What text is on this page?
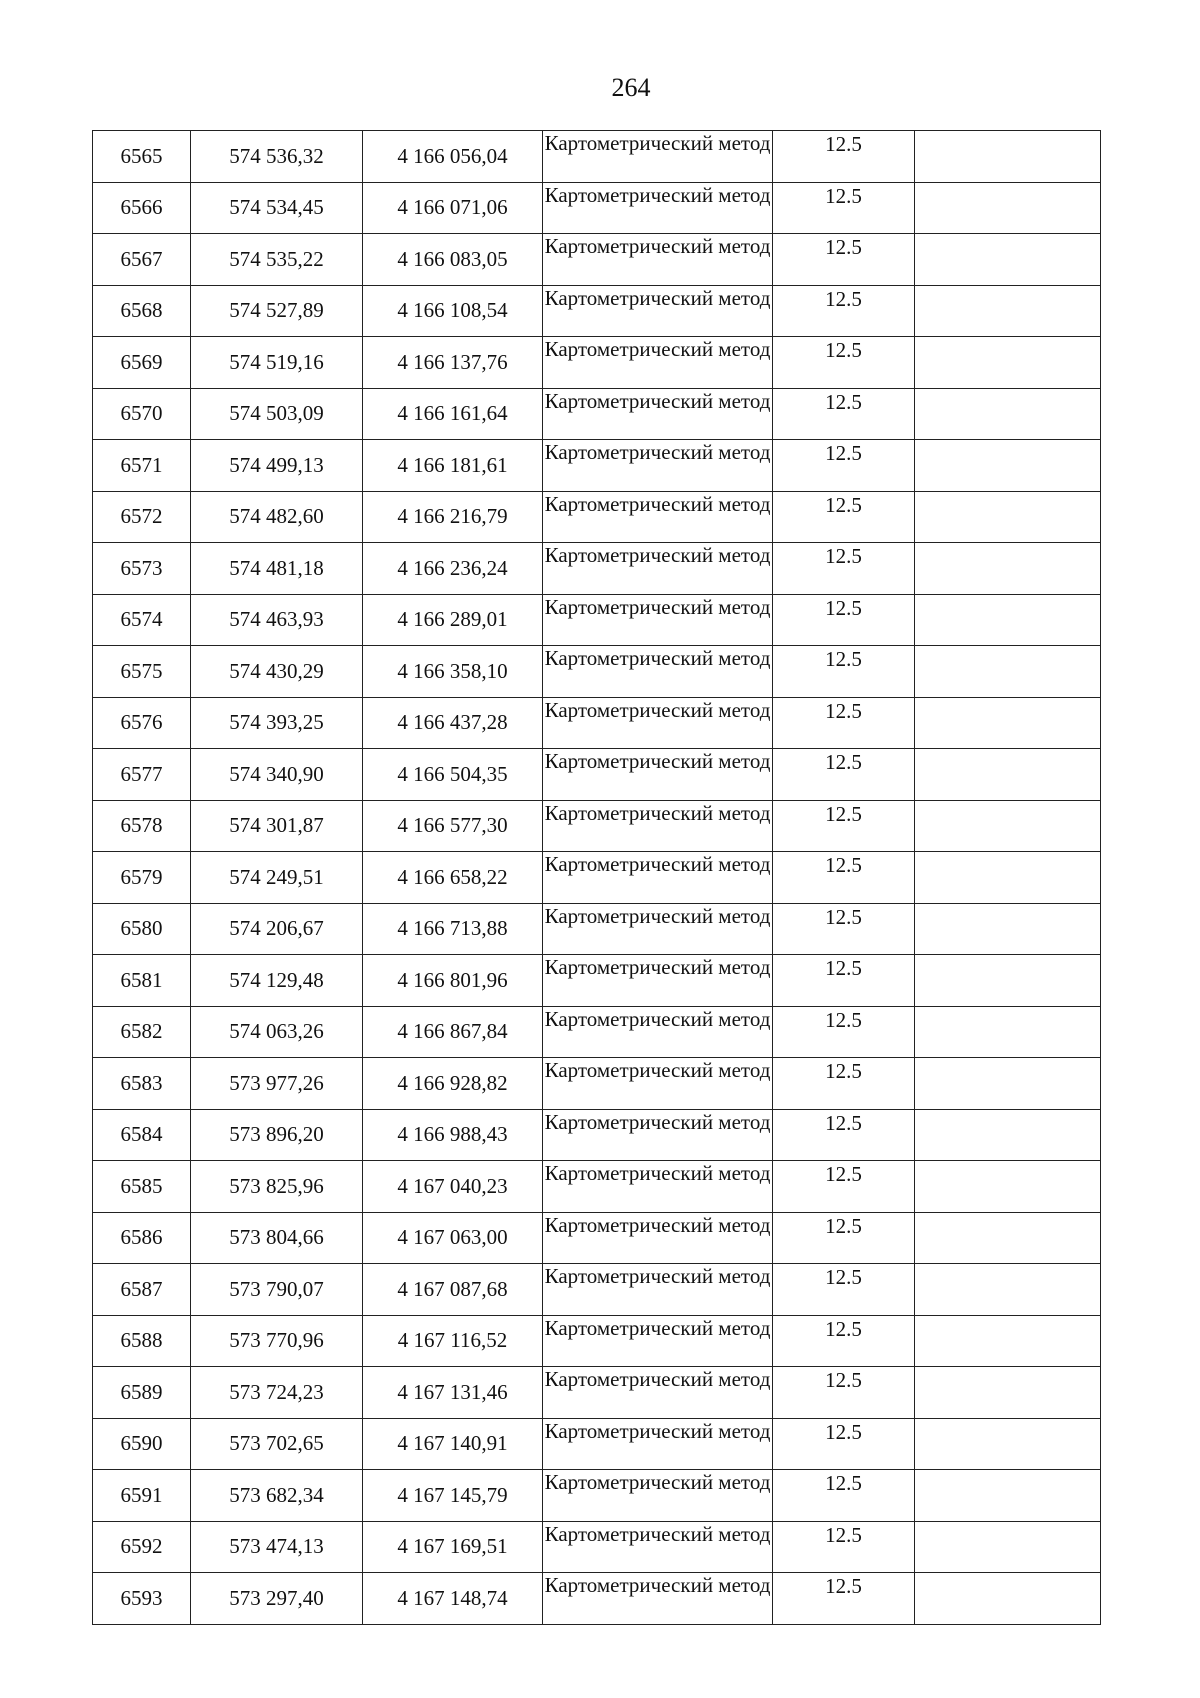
264
6565	574 536,32	4 166 056,04	Картометрический метод	12.5	
6566	574 534,45	4 166 071,06	Картометрический метод	12.5	
6567	574 535,22	4 166 083,05	Картометрический метод	12.5	
6568	574 527,89	4 166 108,54	Картометрический метод	12.5	
6569	574 519,16	4 166 137,76	Картометрический метод	12.5	
6570	574 503,09	4 166 161,64	Картометрический метод	12.5	
6571	574 499,13	4 166 181,61	Картометрический метод	12.5	
6572	574 482,60	4 166 216,79	Картометрический метод	12.5	
6573	574 481,18	4 166 236,24	Картометрический метод	12.5	
6574	574 463,93	4 166 289,01	Картометрический метод	12.5	
6575	574 430,29	4 166 358,10	Картометрический метод	12.5	
6576	574 393,25	4 166 437,28	Картометрический метод	12.5	
6577	574 340,90	4 166 504,35	Картометрический метод	12.5	
6578	574 301,87	4 166 577,30	Картометрический метод	12.5	
6579	574 249,51	4 166 658,22	Картометрический метод	12.5	
6580	574 206,67	4 166 713,88	Картометрический метод	12.5	
6581	574 129,48	4 166 801,96	Картометрический метод	12.5	
6582	574 063,26	4 166 867,84	Картометрический метод	12.5	
6583	573 977,26	4 166 928,82	Картометрический метод	12.5	
6584	573 896,20	4 166 988,43	Картометрический метод	12.5	
6585	573 825,96	4 167 040,23	Картометрический метод	12.5	
6586	573 804,66	4 167 063,00	Картометрический метод	12.5	
6587	573 790,07	4 167 087,68	Картометрический метод	12.5	
6588	573 770,96	4 167 116,52	Картометрический метод	12.5	
6589	573 724,23	4 167 131,46	Картометрический метод	12.5	
6590	573 702,65	4 167 140,91	Картометрический метод	12.5	
6591	573 682,34	4 167 145,79	Картометрический метод	12.5	
6592	573 474,13	4 167 169,51	Картометрический метод	12.5	
6593	573 297,40	4 167 148,74	Картометрический метод	12.5	
